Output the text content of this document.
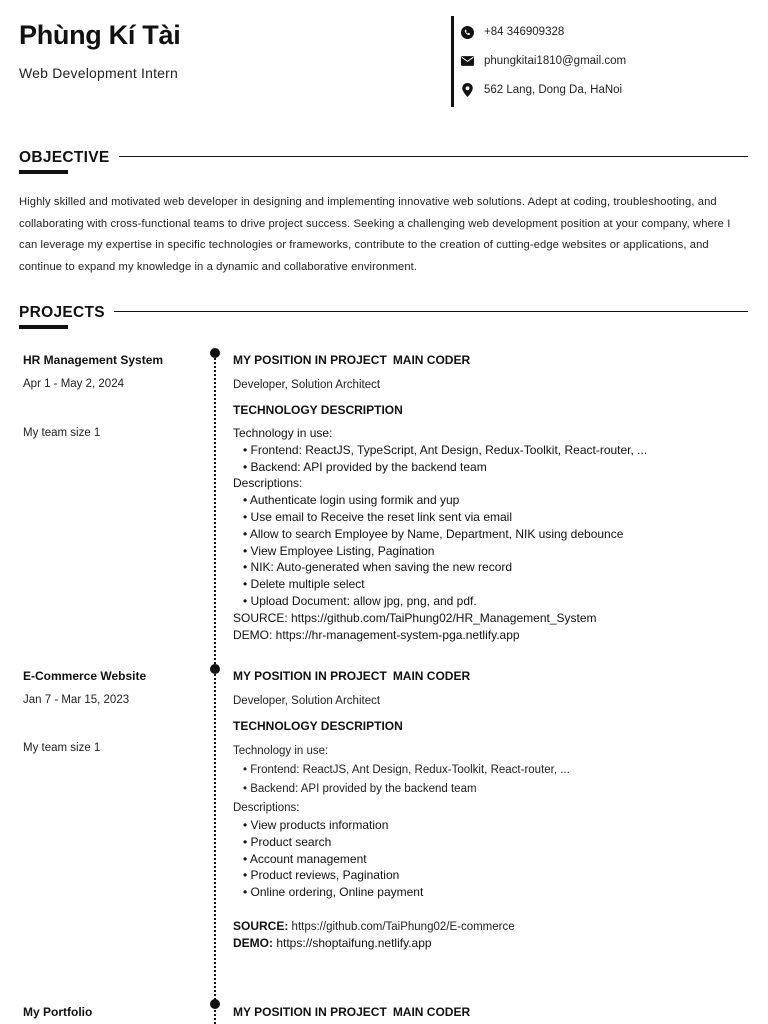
Phùng Kí Tài
Web Development Intern
+84 346909328
phungkitai1810@gmail.com
562 Lang, Dong Da, HaNoi
OBJECTIVE
Highly skilled and motivated web developer in designing and implementing innovative web solutions. Adept at coding, troubleshooting, and collaborating with cross-functional teams to drive project success. Seeking a challenging web development position at your company, where I can leverage my expertise in specific technologies or frameworks, contribute to the creation of cutting-edge websites or applications, and continue to expand my knowledge in a dynamic and collaborative environment.
PROJECTS
HR Management System
Apr 1 - May 2, 2024
My team size 1
MY POSITION IN PROJECT MAIN CODER
Developer, Solution Architect
TECHNOLOGY DESCRIPTION
Technology in use:
• Frontend: ReactJS, TypeScript, Ant Design, Redux-Toolkit, React-router, ...
• Backend: API provided by the backend team
Descriptions:
• Authenticate login using formik and yup
• Use email to Receive the reset link sent via email
• Allow to search Employee by Name, Department, NIK using debounce
• View Employee Listing, Pagination
• NIK: Auto-generated when saving the new record
• Delete multiple select
• Upload Document: allow jpg, png, and pdf.
SOURCE: https://github.com/TaiPhung02/HR_Management_System
DEMO: https://hr-management-system-pga.netlify.app
E-Commerce Website
Jan 7 - Mar 15, 2023
My team size 1
MY POSITION IN PROJECT MAIN CODER
Developer, Solution Architect
TECHNOLOGY DESCRIPTION
Technology in use:
• Frontend: ReactJS, Ant Design, Redux-Toolkit, React-router, ...
• Backend: API provided by the backend team
Descriptions:
• View products information
• Product search
• Account management
• Product reviews, Pagination
• Online ordering, Online payment
SOURCE: https://github.com/TaiPhung02/E-commerce
DEMO: https://shoptaifung.netlify.app
My Portfolio	MY POSITION IN PROJECT MAIN CODER
